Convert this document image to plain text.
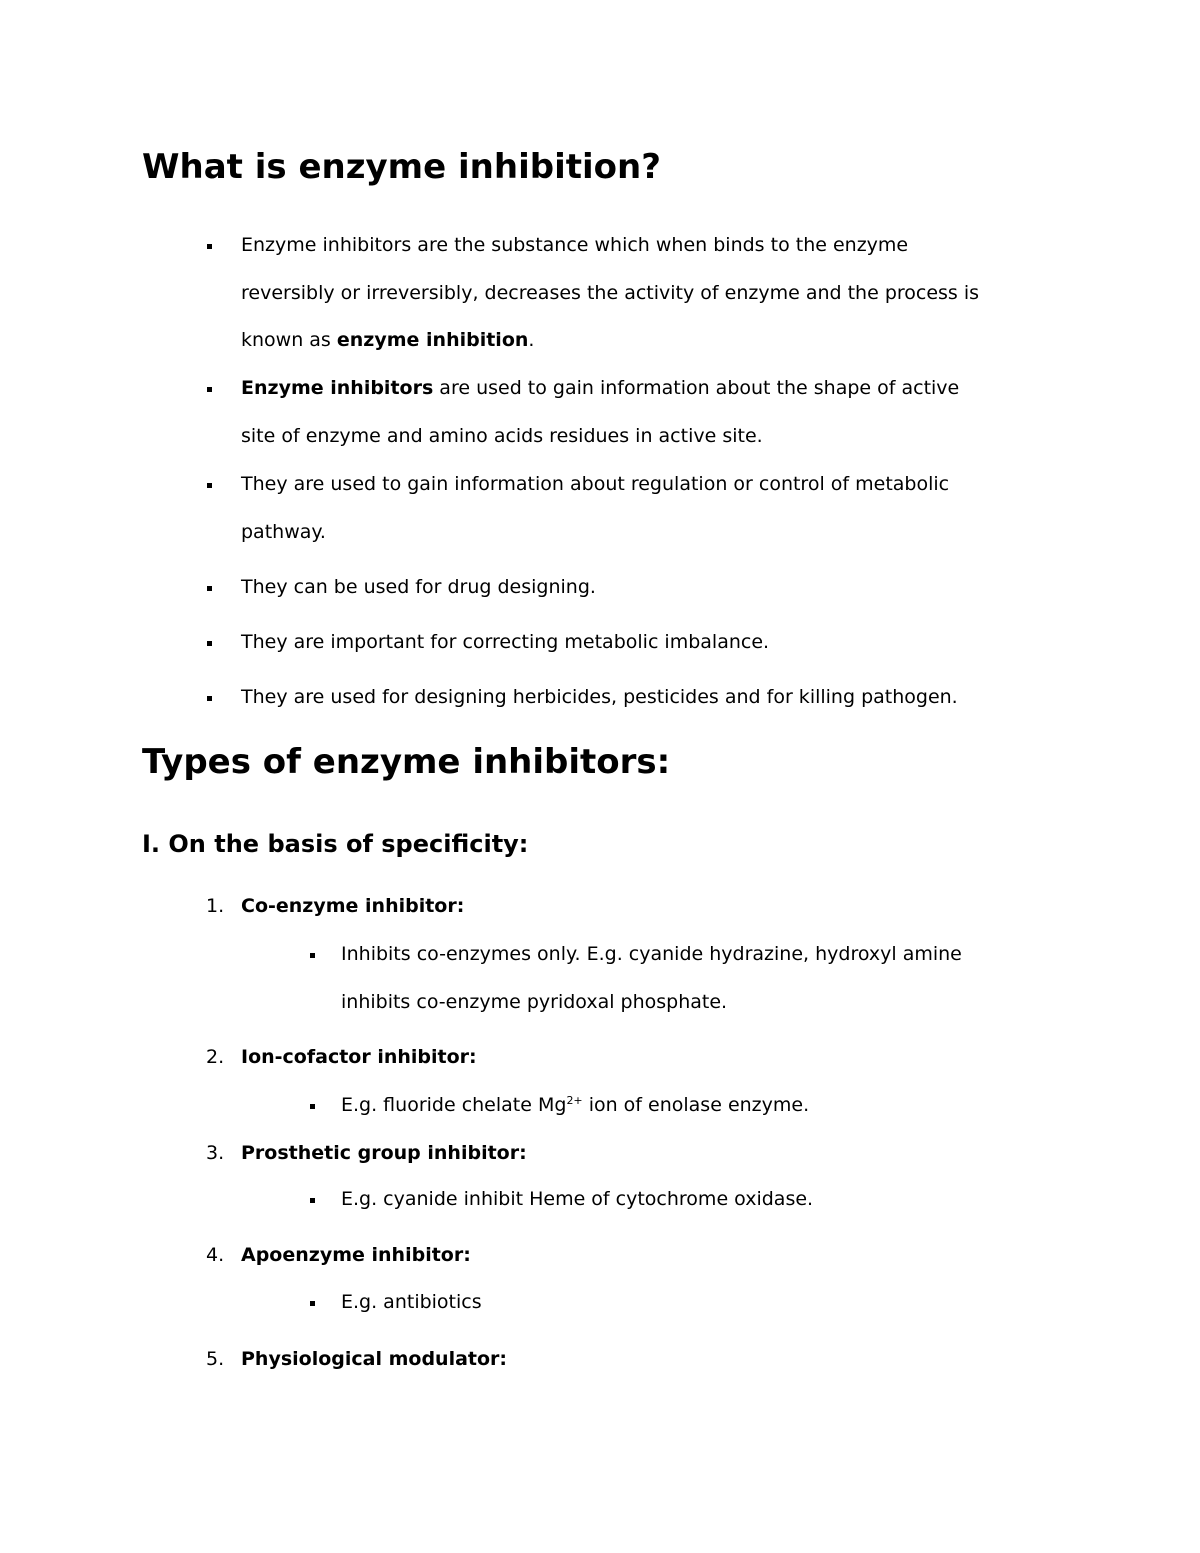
What is enzyme inhibition?

Enzyme inhibitors are the substance which when binds to the enzyme

reversibly or irreversibly, decreases the activity of enzyme and the process is

known as enzyme inhibition.

Enzyme inhibitors are used to gain information about the shape of active

site of enzyme and amino acids residues in active site.

They are used to gain information about regulation or control of metabolic

pathway.

They can be used for drug designing.

They are important for correcting metabolic imbalance.

They are used for designing herbicides, pesticides and for killing pathogen.

Types of enzyme inhibitors:
I. On the basis of specificity:

1. Co-enzyme inhibitor:

Inhibits co-enzymes only. E.g. cyanide hydrazine, hydroxyl amine

inhibits co-enzyme pyridoxal phosphate.

2. Ion-cofactor inhibitor:

E.g. fluoride chelate $Mg^{2+}$ ion of enolase enzyme.

3. Prosthetic group inhibitor:

E.g. cyanide inhibit Heme of cytochrome oxidase.

4. Apoenzyme inhibitor:

E.g. antibiotics

5. Physiological modulator:
